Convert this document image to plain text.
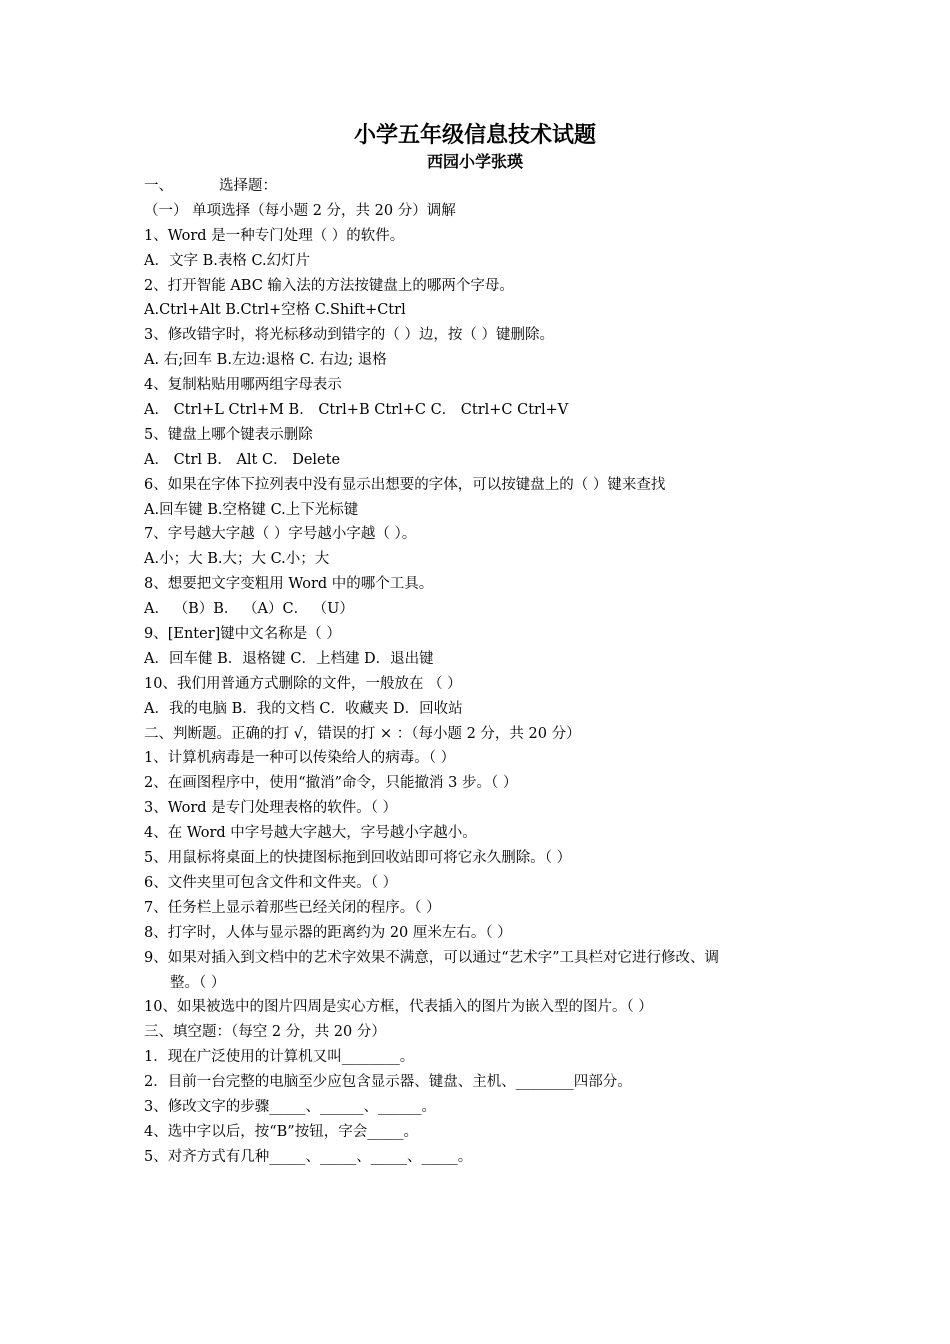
小学五年级信息技术试题
西园小学张瑛
一、	选择题：
（一） 单项选择（每小题 2 分，共 20 分）调解
1、Word 是一种专门处理（ ）的软件。
A．文字 B.表格 C.幻灯片
2、打开智能 ABC 输入法的方法按键盘上的哪两个字母。
A.Ctrl+Alt B.Ctrl+空格 C.Shift+Ctrl
3、修改错字时，将光标移动到错字的（ ）边，按（ ）键删除。
A. 右;回车 B.左边:退格 C. 右边; 退格
4、复制粘贴用哪两组字母表示
A． Ctrl+L Ctrl+M B． Ctrl+B Ctrl+C C． Ctrl+C Ctrl+V
5、键盘上哪个键表示删除
A． Ctrl B． Alt C． Delete
6、如果在字体下拉列表中没有显示出想要的字体，可以按键盘上的（ ）键来查找
A.回车键 B.空格键 C.上下光标键
7、字号越大字越（ ）字号越小字越（ ）。
A.小；大 B.大；大 C.小；大
8、想要把文字变粗用 Word 中的哪个工具。
A． （B）B． （A）C． （U）
9、[Enter]键中文名称是（ ）
A．回车健 B．退格键 C．上档建 D．退出键
10、我们用普通方式删除的文件，一般放在 （ ）
A．我的电脑 B．我的文档 C．收藏夹 D．回收站
二、判断题。正确的打 √，错误的打 × ：（每小题 2 分，共 20 分）
1、计算机病毒是一种可以传染给人的病毒。（ ）
2、在画图程序中，使用“撤消”命令，只能撤消 3 步。（ ）
3、Word 是专门处理表格的软件。（ ）
4、在 Word 中字号越大字越大，字号越小字越小。
5、用鼠标将桌面上的快捷图标拖到回收站即可将它永久删除。（ ）
6、文件夹里可包含文件和文件夹。（ ）
7、任务栏上显示着那些已经关闭的程序。（ ）
8、打字时，人体与显示器的距离约为 20 厘米左右。（ ）
9、如果对插入到文档中的艺术字效果不满意，可以通过“艺术字”工具栏对它进行修改、调
整。（ ）
10、如果被选中的图片四周是实心方框，代表插入的图片为嵌入型的图片。（ ）
三、填空题：（每空 2 分，共 20 分）
1．现在广泛使用的计算机又叫________。
2．目前一台完整的电脑至少应包含显示器、键盘、主机、________四部分。
3、修改文字的步骤_____、______、______。
4、选中字以后，按“B”按钮，字会_____。
5、对齐方式有几种_____、_____、_____、_____。
